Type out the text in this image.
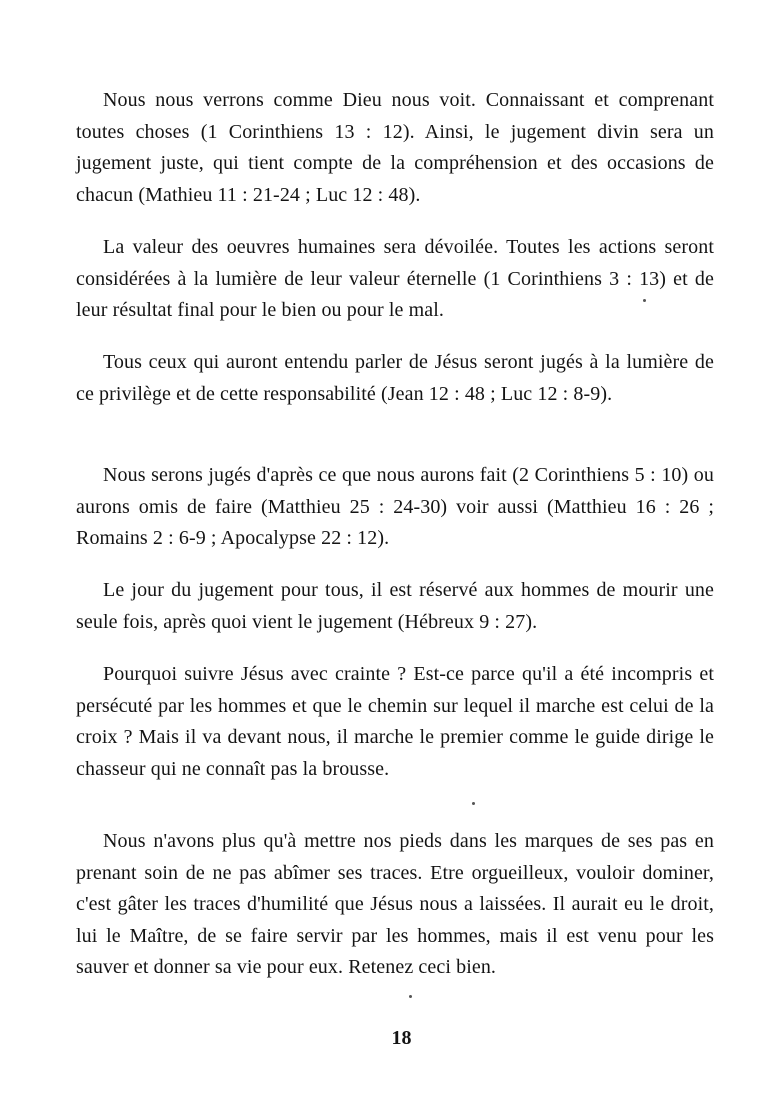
Nous nous verrons comme Dieu nous voit. Connaissant et comprenant toutes choses (1 Corinthiens 13 : 12). Ainsi, le jugement divin sera un jugement juste, qui tient compte de la compréhension et des occasions de chacun (Mathieu 11 : 21-24 ; Luc 12 : 48).

La valeur des oeuvres humaines sera dévoilée. Toutes les actions seront considérées à la lumière de leur valeur éternelle (1 Corinthiens 3 : 13) et de leur résultat final pour le bien ou pour le mal.

Tous ceux qui auront entendu parler de Jésus seront jugés à la lumière de ce privilège et de cette responsabilité (Jean 12 : 48 ; Luc 12 : 8-9).

Nous serons jugés d'après ce que nous aurons fait (2 Corinthiens 5 : 10) ou aurons omis de faire (Matthieu 25 : 24-30) voir aussi (Matthieu 16 : 26 ; Romains 2 : 6-9 ; Apocalypse 22 : 12).

Le jour du jugement pour tous, il est réservé aux hommes de mourir une seule fois, après quoi vient le jugement (Hébreux 9 : 27).

Pourquoi suivre Jésus avec crainte ? Est-ce parce qu'il a été incompris et persécuté par les hommes et que le chemin sur lequel il marche est celui de la croix ? Mais il va devant nous, il marche le premier comme le guide dirige le chasseur qui ne connaît pas la brousse.

Nous n'avons plus qu'à mettre nos pieds dans les marques de ses pas en prenant soin de ne pas abîmer ses traces. Etre orgueilleux, vouloir dominer, c'est gâter les traces d'humilité que Jésus nous a laissées. Il aurait eu le droit, lui le Maître, de se faire servir par les hommes, mais il est venu pour les sauver et donner sa vie pour eux. Retenez ceci bien.

18
